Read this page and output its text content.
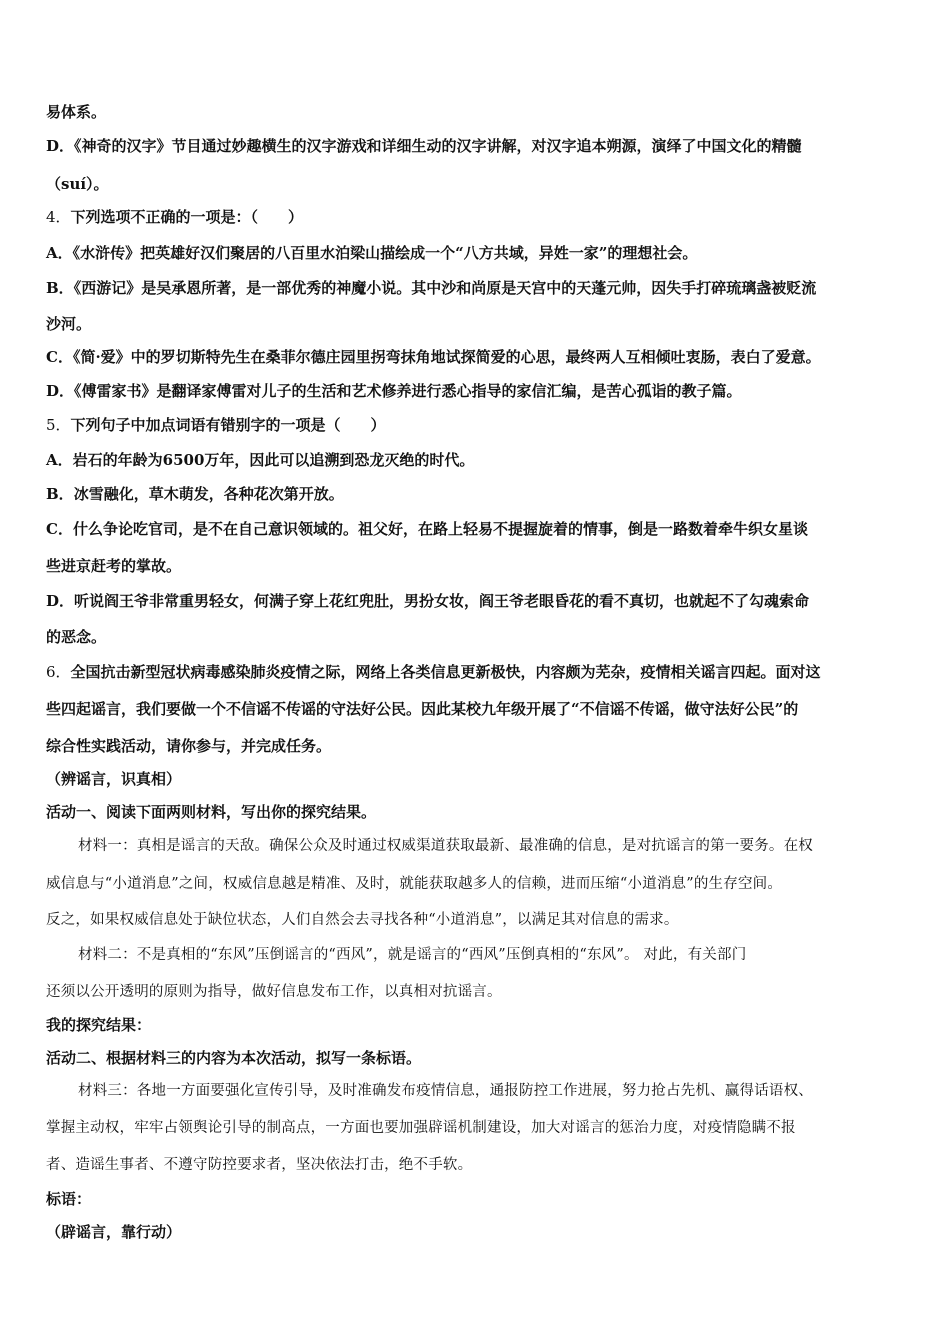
易体系。
D．《神奇的汉字》节目通过妙趣横生的汉字游戏和详细生动的汉字讲解，对汉字追本朔源，演绎了中国文化的精髓
（suí）。
4．下列选项不正确的一项是：（　　）
A．《水浒传》把英雄好汉们聚居的八百里水泊梁山描绘成一个“八方共域，异姓一家”的理想社会。
B．《西游记》是吴承恩所著，是一部优秀的神魔小说。其中沙和尚原是天宫中的天蓬元帅，因失手打碎琉璃盏被贬流
沙河。
C．《简·爱》中的罗切斯特先生在桑菲尔德庄园里拐弯抹角地试探简爱的心思，最终两人互相倾吐衷肠，表白了爱意。
D．《傅雷家书》是翻译家傅雷对儿子的生活和艺术修养进行悉心指导的家信汇编，是苦心孤诣的教子篇。
5．下列句子中加点词语有错别字的一项是（　　）
A．岩石的年龄为6500万年，因此可以追溯到恐龙灭绝的时代。
B．冰雪融化，草木萌发，各种花次第开放。
C．什么争论吃官司，是不在自己意识领域的。祖父好，在路上轻易不提握旋着的情事，倒是一路数着牵牛织女星谈
些进京赶考的掌故。
D．听说阎王爷非常重男轻女，何满子穿上花红兜肚，男扮女妆，阎王爷老眼昏花的看不真切，也就起不了勾魂索命
的恶念。
6．全国抗击新型冠状病毒感染肺炎疫情之际，网络上各类信息更新极快，内容颇为芜杂，疫情相关谣言四起。面对这
些四起谣言，我们要做一个不信谣不传谣的守法好公民。因此某校九年级开展了“不信谣不传谣，做守法好公民”的
综合性实践活动，请你参与，并完成任务。
（辨谣言，识真相）
活动一、阅读下面两则材料，写出你的探究结果。
材料一：真相是谣言的天敌。确保公众及时通过权威渠道获取最新、最准确的信息，是对抗谣言的第一要务。在权
威信息与“小道消息”之间，权威信息越是精准、及时，就能获取越多人的信赖，进而压缩“小道消息”的生存空间。
反之，如果权威信息处于缺位状态，人们自然会去寻找各种“小道消息”，以满足其对信息的需求。
材料二：不是真相的“东风”压倒谣言的“西风”，就是谣言的“西风”压倒真相的“东风”。 对此，有关部门
还须以公开透明的原则为指导，做好信息发布工作，以真相对抗谣言。
我的探究结果：
活动二、根据材料三的内容为本次活动，拟写一条标语。
材料三：各地一方面要强化宣传引导，及时准确发布疫情信息，通报防控工作进展，努力抢占先机、赢得话语权、
掌握主动权，牢牢占领舆论引导的制高点，一方面也要加强辟谣机制建设，加大对谣言的惩治力度，对疫情隐瞒不报
者、造谣生事者、不遵守防控要求者，坚决依法打击，绝不手软。
标语：
（辟谣言，靠行动）
